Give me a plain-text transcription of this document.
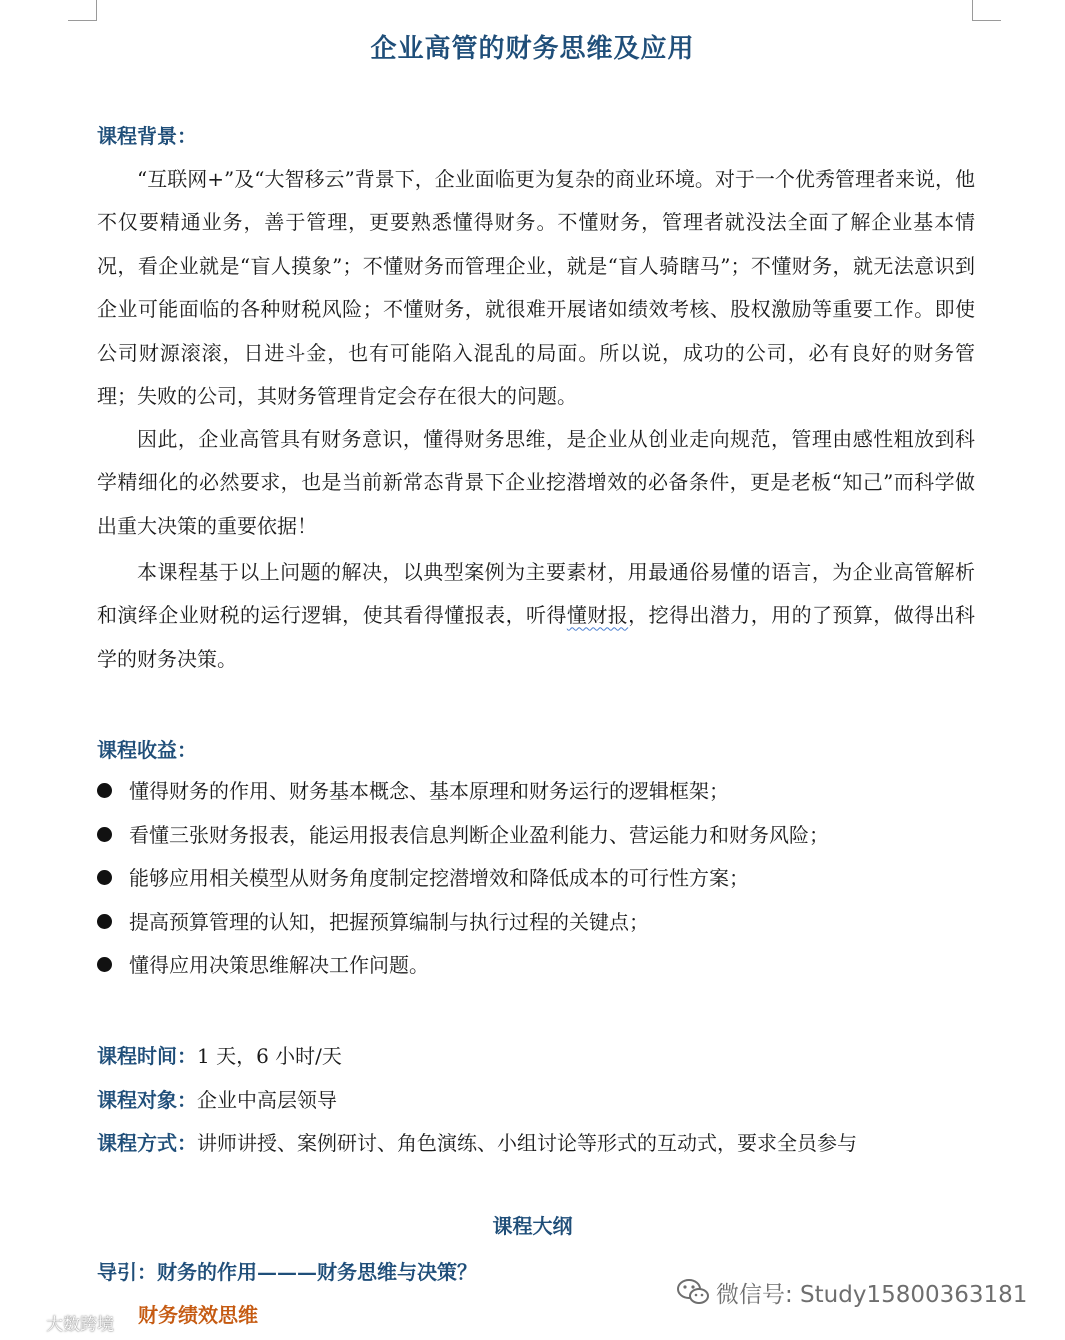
企业高管的财务思维及应用
课程背景：

“互联网+”及“大智移云”背景下，企业面临更为复杂的商业环境。对于一个优秀管理者来说，他不仅要精通业务，善于管理，更要熟悉懂得财务。不懂财务，管理者就没法全面了解企业基本情况，看企业就是“盲人摸象”；不懂财务而管理企业，就是“盲人骑瞎马”；不懂财务，就无法意识到企业可能面临的各种财税风险；不懂财务，就很难开展诸如绩效考核、股权激励等重要工作。即使公司财源滚滚，日进斗金，也有可能陷入混乱的局面。所以说，成功的公司，必有良好的财务管理；失败的公司，其财务管理肯定会存在很大的问题。

因此，企业高管具有财务意识，懂得财务思维，是企业从创业走向规范，管理由感性粗放到科学精细化的必然要求，也是当前新常态背景下企业挖潜增效的必备条件，更是老板“知己”而科学做出重大决策的重要依据！

本课程基于以上问题的解决，以典型案例为主要素材，用最通俗易懂的语言，为企业高管解析和演绎企业财税的运行逻辑，使其看得懂报表，听得懂财报，挖得出潜力，用的了预算，做得出科学的财务决策。

课程收益：
懂得财务的作用、财务基本概念、基本原理和财务运行的逻辑框架；
看懂三张财务报表，能运用报表信息判断企业盈利能力、营运能力和财务风险；
能够应用相关模型从财务角度制定挖潜增效和降低成本的可行性方案；
提高预算管理的认知，把握预算编制与执行过程的关键点；
懂得应用决策思维解决工作问题。
课程时间：1 天，6 小时/天
课程对象：企业中高层领导
课程方式：讲师讲授、案例研讨、角色演练、小组讨论等形式的互动式，要求全员参与
课程大纲
导引：财务的作用———财务思维与决策？
财务绩效思维
微信号: Study15800363181
大数跨境
